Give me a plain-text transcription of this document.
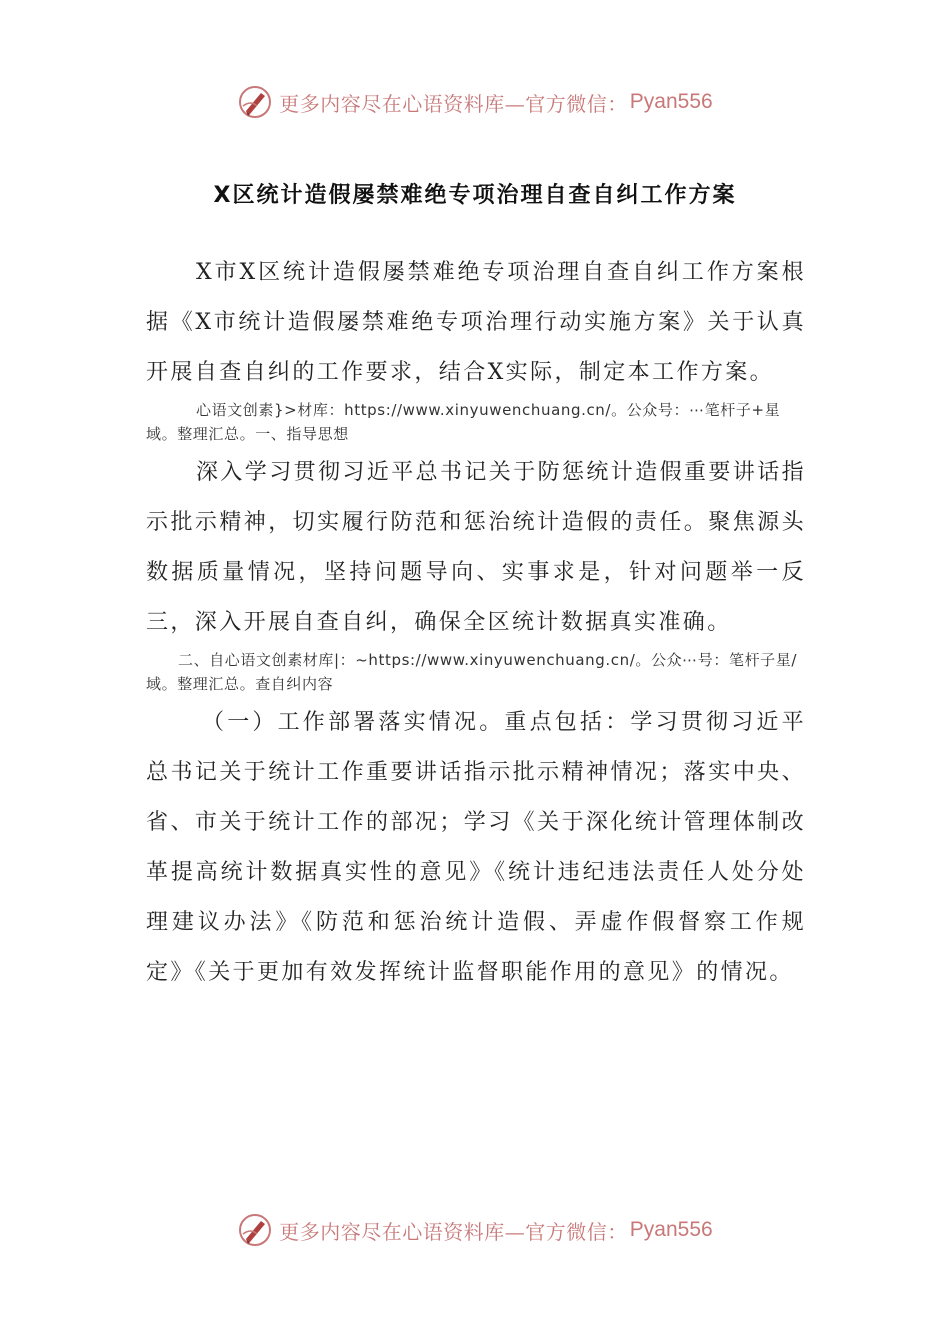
更多内容尽在心语资料库—官方微信： Pyan556
X区统计造假屡禁难绝专项治理自查自纠工作方案

X市X区统计造假屡禁难绝专项治理自查自纠工作方案根据《X市统计造假屡禁难绝专项治理行动实施方案》关于认真开展自查自纠的工作要求，结合X实际，制定本工作方案。

心语文创素}>材库：https://www.xinyuwenchuang.cn/。公众号：⋯笔杆子+星域。整理汇总。一、指导思想

深入学习贯彻习近平总书记关于防惩统计造假重要讲话指示批示精神，切实履行防范和惩治统计造假的责任。聚焦源头数据质量情况，坚持问题导向、实事求是，针对问题举一反三，深入开展自查自纠，确保全区统计数据真实准确。

二、自心语文创素材库|：~https://www.xinyuwenchuang.cn/。公众⋯号：笔杆子星/域。整理汇总。查自纠内容

（一）工作部署落实情况。重点包括：学习贯彻习近平总书记关于统计工作重要讲话指示批示精神情况；落实中央、省、市关于统计工作的部况；学习《关于深化统计管理体制改革提高统计数据真实性的意见》《统计违纪违法责任人处分处理建议办法》《防范和惩治统计造假、弄虚作假督察工作规定》《关于更加有效发挥统计监督职能作用的意见》的情况。

更多内容尽在心语资料库—官方微信： Pyan556
